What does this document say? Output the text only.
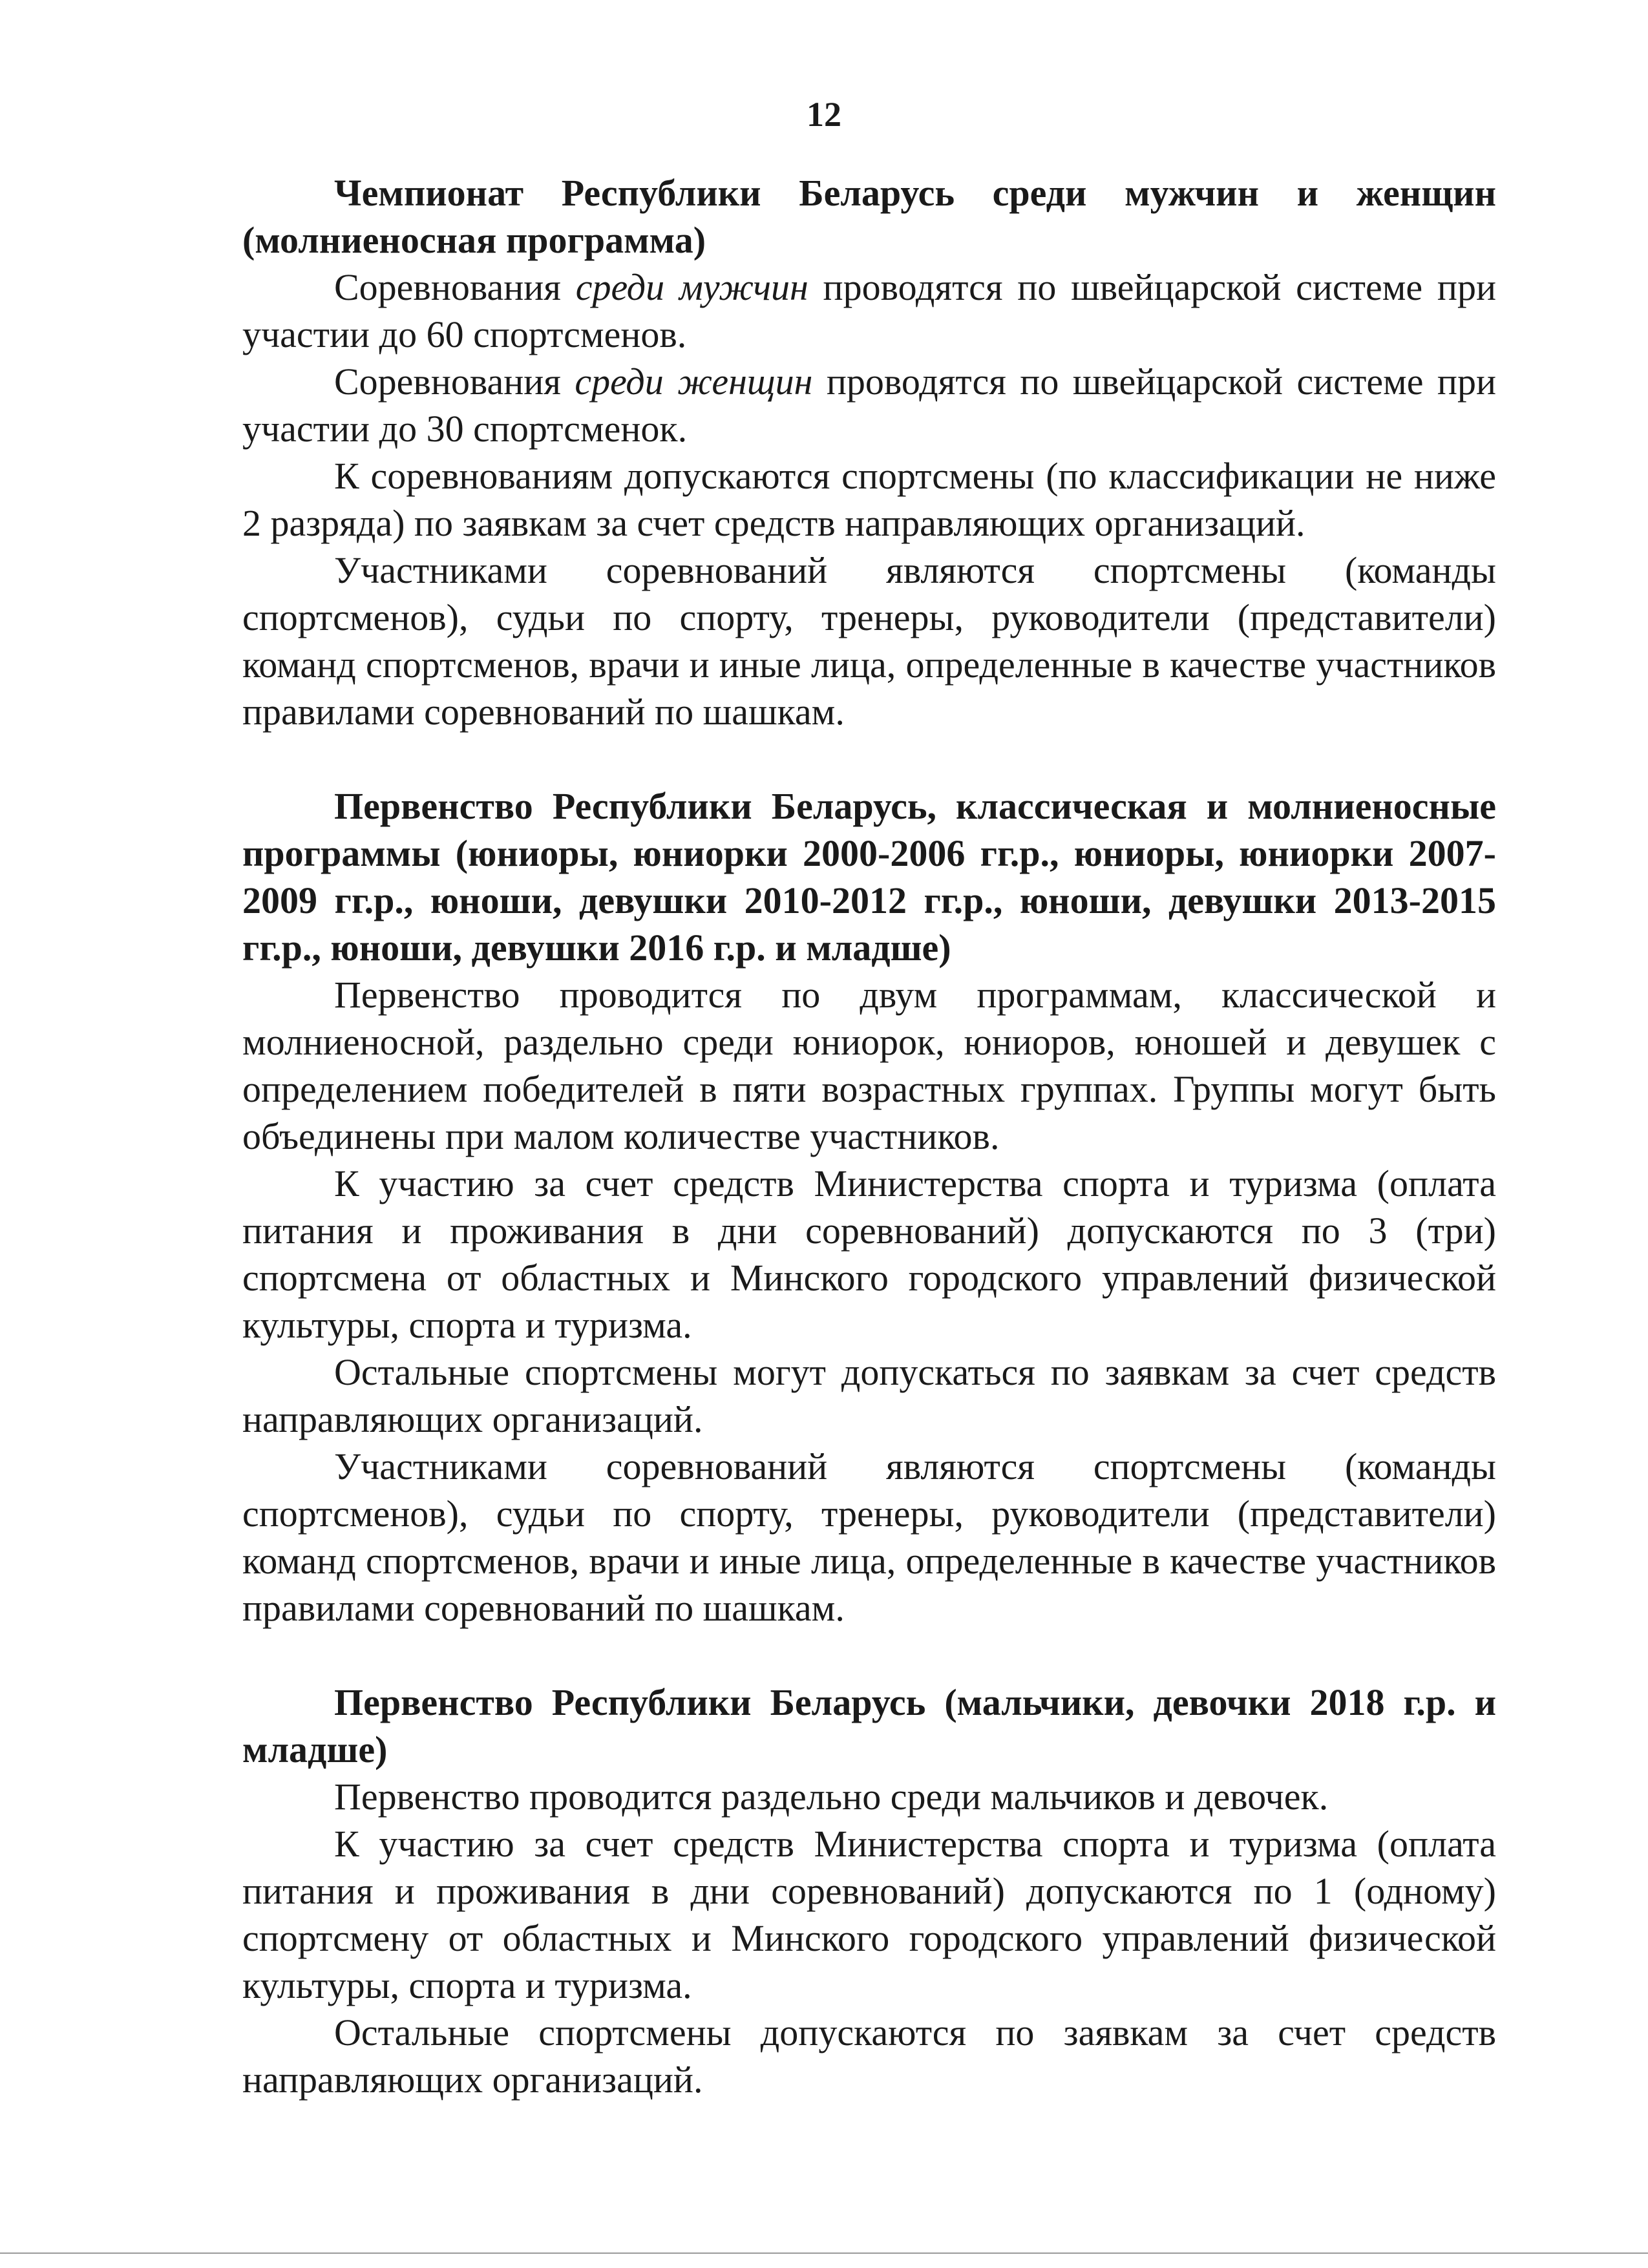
12

Чемпионат Республики Беларусь среди мужчин и женщин (молниеносная программа)

Соревнования среди мужчин проводятся по швейцарской системе при участии до 60 спортсменов.

Соревнования среди женщин проводятся по швейцарской системе при участии до 30 спортсменок.

К соревнованиям допускаются спортсмены (по классификации не ниже 2 разряда) по заявкам за счет средств направляющих организаций.

Участниками соревнований являются спортсмены (команды спортсменов), судьи по спорту, тренеры, руководители (представители) команд спортсменов, врачи и иные лица, определенные в качестве участников правилами соревнований по шашкам.

Первенство Республики Беларусь, классическая и молниеносные программы (юниоры, юниорки 2000-2006 гг.р., юниоры, юниорки 2007-2009 гг.р., юноши, девушки 2010-2012 гг.р., юноши, девушки 2013-2015 гг.р., юноши, девушки 2016 г.р. и младше)

Первенство проводится по двум программам, классической и молниеносной, раздельно среди юниорок, юниоров, юношей и девушек с определением победителей в пяти возрастных группах. Группы могут быть объединены при малом количестве участников.

К участию за счет средств Министерства спорта и туризма (оплата питания и проживания в дни соревнований) допускаются по 3 (три) спортсмена от областных и Минского городского управлений физической культуры, спорта и туризма.

Остальные спортсмены могут допускаться по заявкам за счет средств направляющих организаций.

Участниками соревнований являются спортсмены (команды спортсменов), судьи по спорту, тренеры, руководители (представители) команд спортсменов, врачи и иные лица, определенные в качестве участников правилами соревнований по шашкам.

Первенство Республики Беларусь (мальчики, девочки 2018 г.р. и младше)

Первенство проводится раздельно среди мальчиков и девочек.

К участию за счет средств Министерства спорта и туризма (оплата питания и проживания в дни соревнований) допускаются по 1 (одному) спортсмену от областных и Минского городского управлений физической культуры, спорта и туризма.

Остальные спортсмены допускаются по заявкам за счет средств направляющих организаций.
